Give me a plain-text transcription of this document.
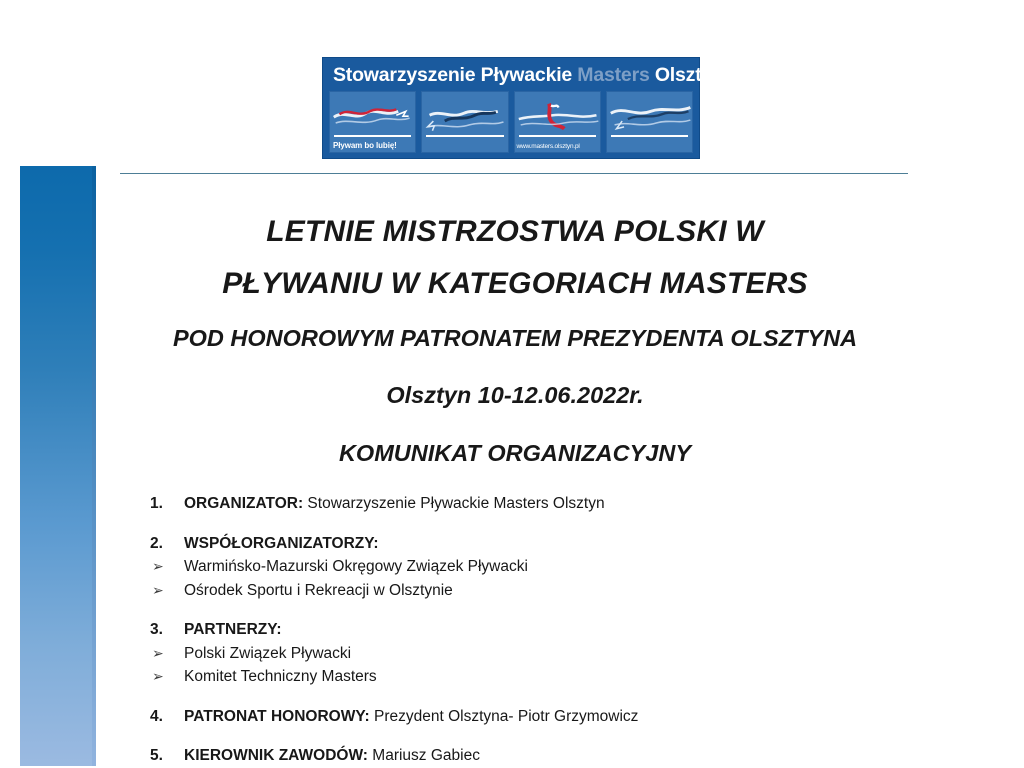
Stowarzyszenie Pływackie Masters Olsztyn
Pływam bo lubię!	www.masters.olsztyn.pl
LETNIE MISTRZOSTWA POLSKI W
PŁYWANIU W KATEGORIACH MASTERS
POD HONOROWYM PATRONATEM PREZYDENTA OLSZTYNA
Olsztyn 10-12.06.2022r.
KOMUNIKAT ORGANIZACYJNY
1. ORGANIZATOR: Stowarzyszenie Pływackie Masters Olsztyn
2. WSPÓŁORGANIZATORZY:
➢ Warmińsko-Mazurski Okręgowy Związek Pływacki
➢ Ośrodek Sportu i Rekreacji w Olsztynie
3. PARTNERZY:
➢ Polski Związek Pływacki
➢ Komitet Techniczny Masters
4. PATRONAT HONOROWY: Prezydent Olsztyna- Piotr Grzymowicz
5. KIEROWNIK ZAWODÓW: Mariusz Gabiec
